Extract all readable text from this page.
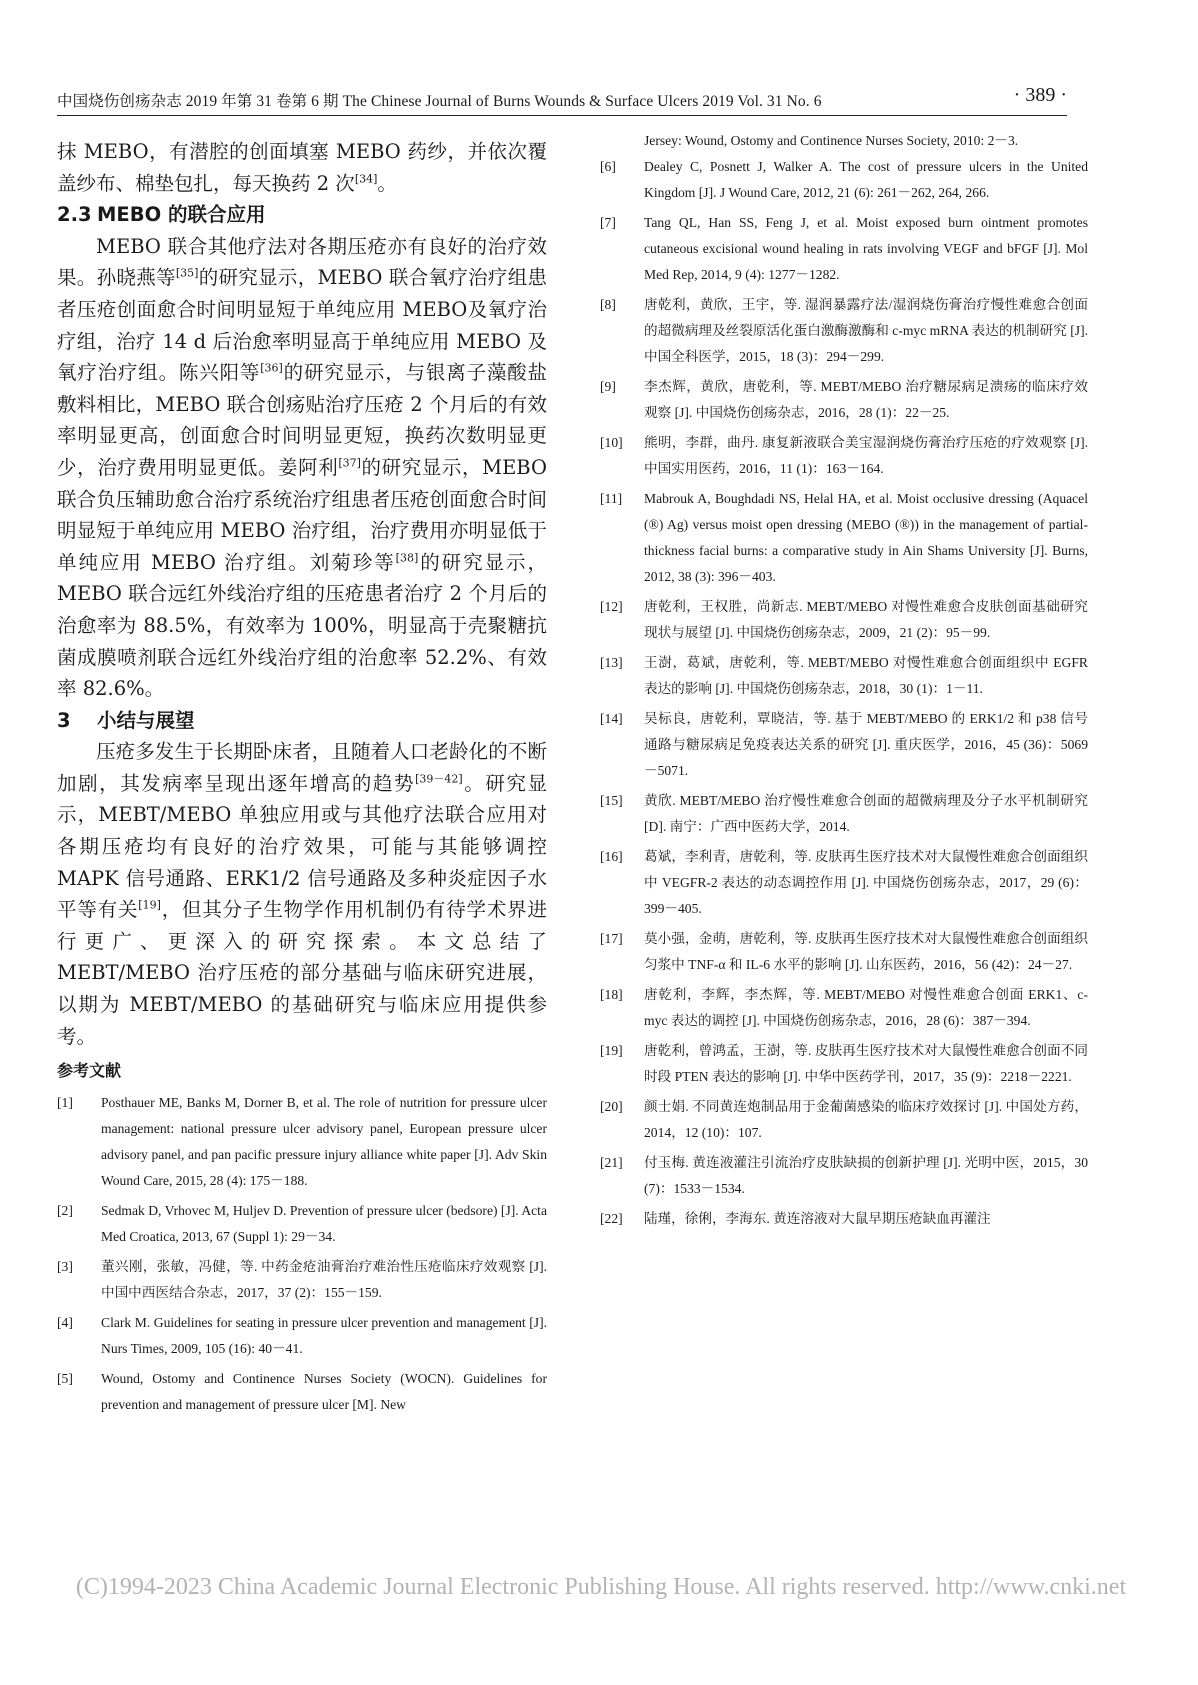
中国烧伤创疡杂志 2019 年第 31 卷第 6 期 The Chinese Journal of Burns Wounds & Surface Ulcers 2019 Vol. 31 No. 6	· 389 ·

抹 MEBO，有潜腔的创面填塞 MEBO 药纱，并依次覆盖纱布、棉垫包扎，每天换药 2 次[34]。

2.3 MEBO 的联合应用

MEBO 联合其他疗法对各期压疮亦有良好的治疗效果。孙晓燕等[35]的研究显示，MEBO 联合氧疗治疗组患者压疮创面愈合时间明显短于单纯应用 MEBO及氧疗治疗组，治疗 14 d 后治愈率明显高于单纯应用 MEBO 及氧疗治疗组。陈兴阳等[36]的研究显示，与银离子藻酸盐敷料相比，MEBO 联合创疡贴治疗压疮 2 个月后的有效率明显更高，创面愈合时间明显更短，换药次数明显更少，治疗费用明显更低。姜阿利[37]的研究显示，MEBO 联合负压辅助愈合治疗系统治疗组患者压疮创面愈合时间明显短于单纯应用 MEBO 治疗组，治疗费用亦明显低于单纯应用 MEBO 治疗组。刘菊珍等[38]的研究显示，MEBO 联合远红外线治疗组的压疮患者治疗 2 个月后的治愈率为 88.5%，有效率为 100%，明显高于壳聚糖抗菌成膜喷剂联合远红外线治疗组的治愈率 52.2%、有效率 82.6%。

3 小结与展望

压疮多发生于长期卧床者，且随着人口老龄化的不断加剧，其发病率呈现出逐年增高的趋势[39－42]。研究显示，MEBT/MEBO 单独应用或与其他疗法联合应用对各期压疮均有良好的治疗效果，可能与其能够调控 MAPK 信号通路、ERK1/2 信号通路及多种炎症因子水平等有关[19]，但其分子生物学作用机制仍有待学术界进行更广、更深入的研究探索。本文总结了 MEBT/MEBO 治疗压疮的部分基础与临床研究进展，以期为 MEBT/MEBO 的基础研究与临床应用提供参考。

参考文献
[1]	Posthauer ME, Banks M, Dorner B, et al. The role of nutrition for pressure ulcer management: national pressure ulcer advisory panel, European pressure ulcer advisory panel, and pan pacific pressure injury alliance white paper [J]. Adv Skin Wound Care, 2015, 28 (4): 175－188.
[2]	Sedmak D, Vrhovec M, Huljev D. Prevention of pressure ulcer (bedsore) [J]. Acta Med Croatica, 2013, 67 (Suppl 1): 29－34.
[3]	董兴刚，张敏，冯健，等. 中药金疮油膏治疗难治性压疮临床疗效观察 [J]. 中国中西医结合杂志，2017，37 (2)：155－159.
[4]	Clark M. Guidelines for seating in pressure ulcer prevention and management [J]. Nurs Times, 2009, 105 (16): 40－41.
[5]	Wound, Ostomy and Continence Nurses Society (WOCN). Guidelines for prevention and management of pressure ulcer [M]. New
Jersey: Wound, Ostomy and Continence Nurses Society, 2010: 2－3.
[6]	Dealey C, Posnett J, Walker A. The cost of pressure ulcers in the United Kingdom [J]. J Wound Care, 2012, 21 (6): 261－262, 264, 266.
[7]	Tang QL, Han SS, Feng J, et al. Moist exposed burn ointment promotes cutaneous excisional wound healing in rats involving VEGF and bFGF [J]. Mol Med Rep, 2014, 9 (4): 1277－1282.
[8]	唐乾利，黄欣，王宇，等. 湿润暴露疗法/湿润烧伤膏治疗慢性难愈合创面的超微病理及丝裂原活化蛋白激酶激酶和 c-myc mRNA 表达的机制研究 [J]. 中国全科医学，2015，18 (3)：294－299.
[9]	李杰辉，黄欣，唐乾利，等. MEBT/MEBO 治疗糖尿病足溃疡的临床疗效观察 [J]. 中国烧伤创疡杂志，2016，28 (1)：22－25.
[10]	熊明，李群，曲丹. 康复新液联合美宝湿润烧伤膏治疗压疮的疗效观察 [J]. 中国实用医药，2016，11 (1)：163－164.
[11]	Mabrouk A, Boughdadi NS, Helal HA, et al. Moist occlusive dressing (Aquacel (®) Ag) versus moist open dressing (MEBO (®)) in the management of partial-thickness facial burns: a comparative study in Ain Shams University [J]. Burns, 2012, 38 (3): 396－403.
[12]	唐乾利，王权胜，尚新志. MEBT/MEBO 对慢性难愈合皮肤创面基础研究现状与展望 [J]. 中国烧伤创疡杂志，2009，21 (2)：95－99.
[13]	王澍，葛斌，唐乾利，等. MEBT/MEBO 对慢性难愈合创面组织中 EGFR 表达的影响 [J]. 中国烧伤创疡杂志，2018，30 (1)：1－11.
[14]	吴标良，唐乾利，覃晓洁，等. 基于 MEBT/MEBO 的 ERK1/2 和 p38 信号通路与糖尿病足免疫表达关系的研究 [J]. 重庆医学，2016，45 (36)：5069－5071.
[15]	黄欣. MEBT/MEBO 治疗慢性难愈合创面的超微病理及分子水平机制研究 [D]. 南宁：广西中医药大学，2014.
[16]	葛斌，李利青，唐乾利，等. 皮肤再生医疗技术对大鼠慢性难愈合创面组织中 VEGFR-2 表达的动态调控作用 [J]. 中国烧伤创疡杂志，2017，29 (6)：399－405.
[17]	莫小强，金萌，唐乾利，等. 皮肤再生医疗技术对大鼠慢性难愈合创面组织匀浆中 TNF-α 和 IL-6 水平的影响 [J]. 山东医药，2016，56 (42)：24－27.
[18]	唐乾利，李辉，李杰辉，等. MEBT/MEBO 对慢性难愈合创面 ERK1、c-myc 表达的调控 [J]. 中国烧伤创疡杂志，2016，28 (6)：387－394.
[19]	唐乾利，曾鸿孟，王澍，等. 皮肤再生医疗技术对大鼠慢性难愈合创面不同时段 PTEN 表达的影响 [J]. 中华中医药学刊，2017，35 (9)：2218－2221.
[20]	颜士娟. 不同黄连炮制品用于金葡菌感染的临床疗效探讨 [J]. 中国处方药，2014，12 (10)：107.
[21]	付玉梅. 黄连液灌注引流治疗皮肤缺损的创新护理 [J]. 光明中医，2015，30 (7)：1533－1534.
[22]	陆瑾，徐俐，李海东. 黄连溶液对大鼠早期压疮缺血再灌注
(C)1994-2023 China Academic Journal Electronic Publishing House. All rights reserved. http://www.cnki.net
